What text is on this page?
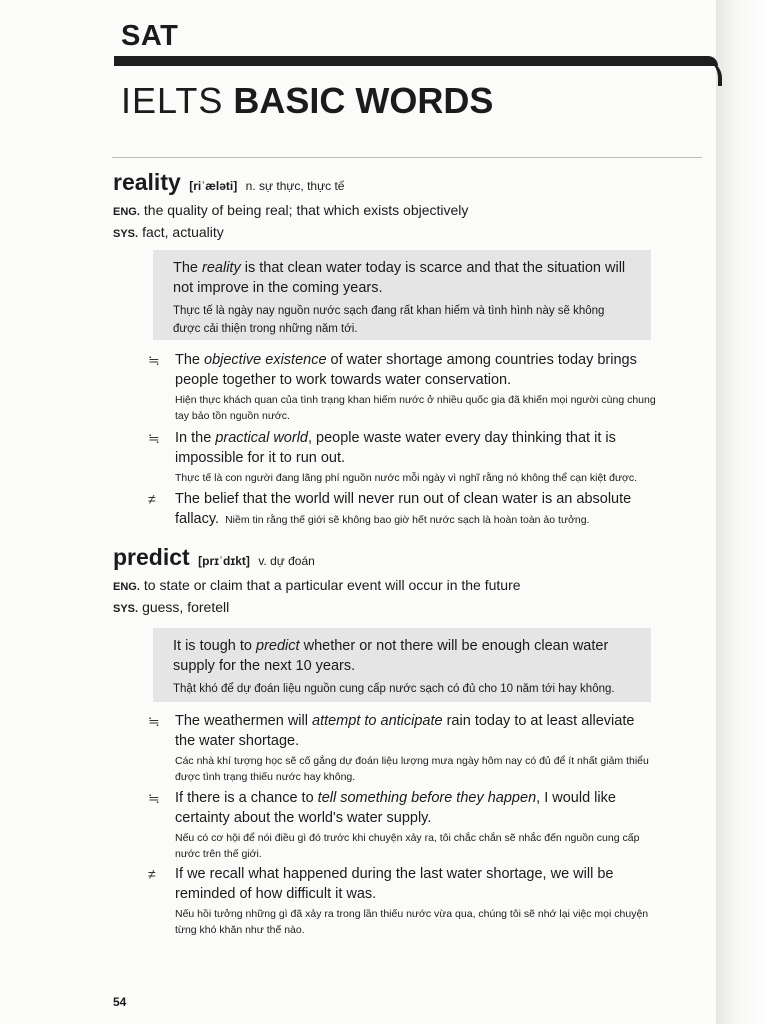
SAT
IELTS BASIC WORDS
reality [riˈæləti] n. sự thực, thực tế
ENG. the quality of being real; that which exists objectively
SYS. fact, actuality

The reality is that clean water today is scarce and that the situation will not improve in the coming years.

Thực tế là ngày nay nguồn nước sạch đang rất khan hiếm và tình hình này sẽ không được cải thiện trong những năm tới.

≒	The objective existence of water shortage among countries today brings people together to work towards water conservation.

Hiện thực khách quan của tình trạng khan hiếm nước ở nhiều quốc gia đã khiến mọi người cùng chung tay bảo tồn nguồn nước.

≒	In the practical world, people waste water every day thinking that it is impossible for it to run out.

Thực tế là con người đang lãng phí nguồn nước mỗi ngày vì nghĩ rằng nó không thể cạn kiệt được.

≠	The belief that the world will never run out of clean water is an absolute fallacy. Niềm tin rằng thế giới sẽ không bao giờ hết nước sạch là hoàn toàn ảo tưởng.

predict [prɪˈdɪkt] v. dự đoán
ENG. to state or claim that a particular event will occur in the future
SYS. guess, foretell

It is tough to predict whether or not there will be enough clean water supply for the next 10 years.

Thật khó để dự đoán liệu nguồn cung cấp nước sạch có đủ cho 10 năm tới hay không.

≒	The weathermen will attempt to anticipate rain today to at least alleviate the water shortage.

Các nhà khí tượng học sẽ cố gắng dự đoán liệu lượng mưa ngày hôm nay có đủ để ít nhất giảm thiểu được tình trạng thiếu nước hay không.

≒	If there is a chance to tell something before they happen, I would like certainty about the world's water supply.

Nếu có cơ hội để nói điều gì đó trước khi chuyện xảy ra, tôi chắc chắn sẽ nhắc đến nguồn cung cấp nước trên thế giới.

≠	If we recall what happened during the last water shortage, we will be reminded of how difficult it was.

Nếu hồi tưởng những gì đã xảy ra trong lần thiếu nước vừa qua, chúng tôi sẽ nhớ lại việc mọi chuyện từng khó khăn như thế nào.

54
